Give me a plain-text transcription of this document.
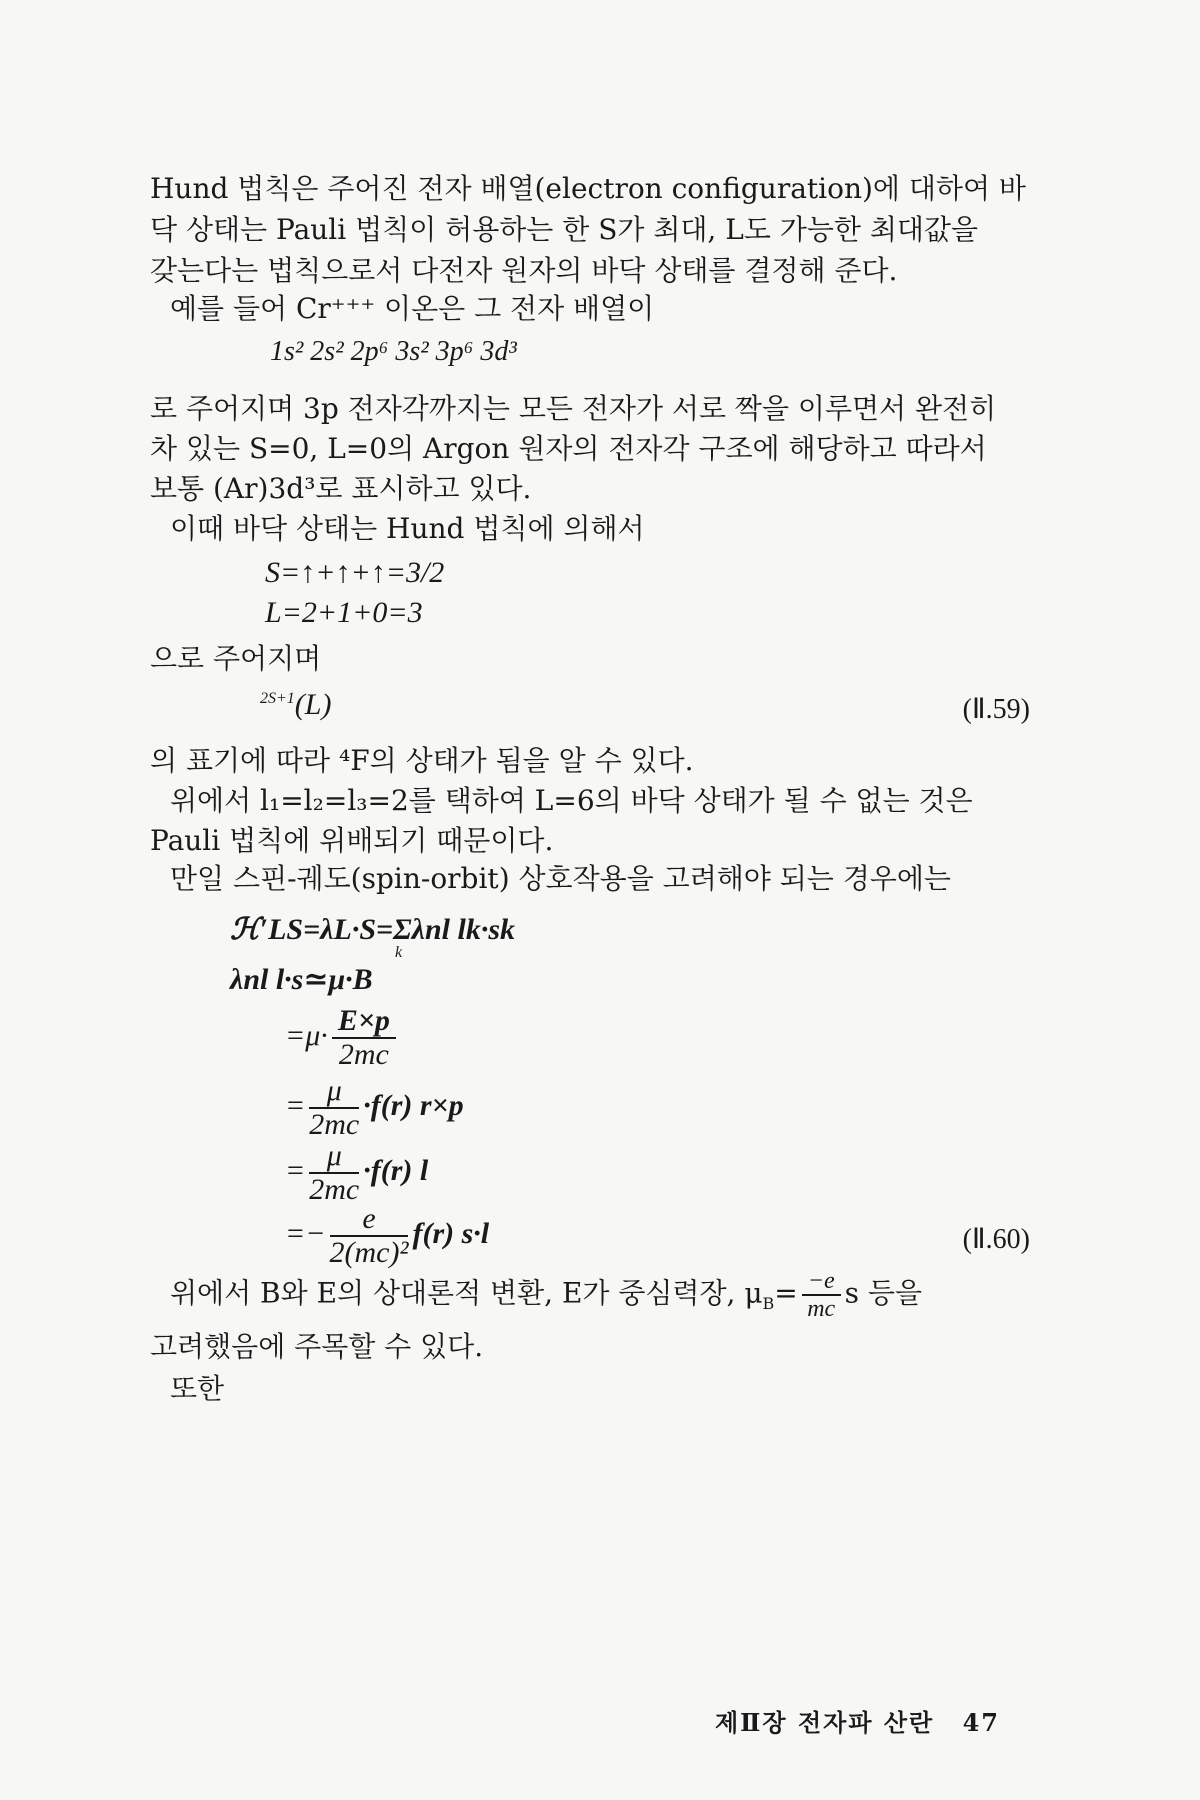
Hund 법칙은 주어진 전자 배열(electron configuration)에 대하여 바
닥 상태는 Pauli 법칙이 허용하는 한 S가 최대, L도 가능한 최대값을
갖는다는 법칙으로서 다전자 원자의 바닥 상태를 결정해 준다.
예를 들어 Cr⁺⁺⁺ 이온은 그 전자 배열이
1s² 2s² 2p⁶ 3s² 3p⁶ 3d³
로 주어지며 3p 전자각까지는 모든 전자가 서로 짝을 이루면서 완전히
차 있는 S=0, L=0의 Argon 원자의 전자각 구조에 해당하고 따라서
보통 (Ar)3d³로 표시하고 있다.
이때 바닥 상태는 Hund 법칙에 의해서
S=↑+↑+↑=3/2
L=2+1+0=3
으로 주어지며
$^{2S+1}$(L)	(Ⅱ.59)
의 표기에 따라 ⁴F의 상태가 됨을 알 수 있다.
위에서 l₁=l₂=l₃=2를 택하여 L=6의 바닥 상태가 될 수 없는 것은
Pauli 법칙에 위배되기 때문이다.
만일 스핀-궤도(spin-orbit) 상호작용을 고려해야 되는 경우에는
ℋ′LS=λL·S=Σλnl lk·sk
k
λnl l·s≃μ·B
$=\mu\cdot \frac{E\times p}{2mc}$
= $\frac{\mu}{2mc} \cdot f(r)$ r×p
= $\frac{\mu}{2mc} \cdot f(r)$ l
=− $\frac{e}{\text{2(mc)²}} f(r)$ s·l	(Ⅱ.60)
위에서 B와 E의 상대론적 변환, E가 중심력장, $\mu_B= \frac{-e}{mc}$ s 등을
고려했음에 주목할 수 있다.
또한
제Ⅱ장 전자파 산란 47
